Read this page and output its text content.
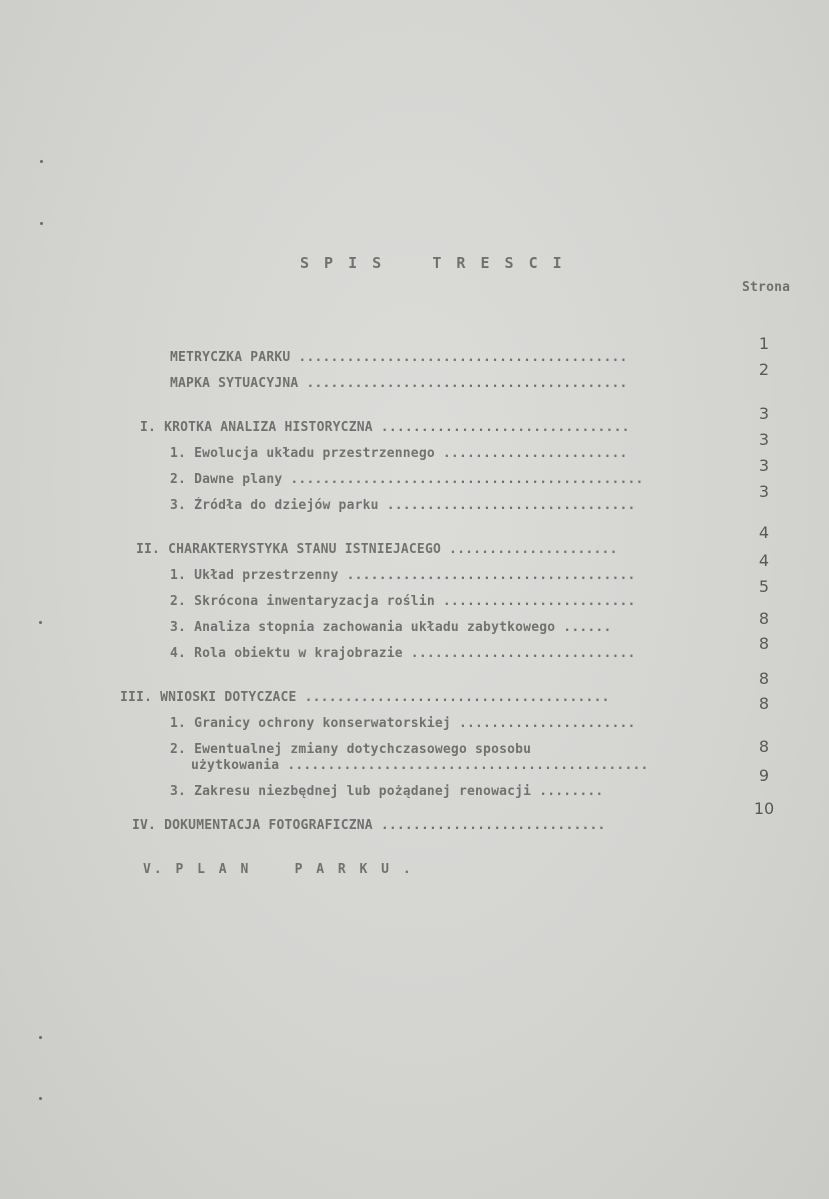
S P I S    T R E S C I
Strona
METRYCZKA PARKU .........................................
MAPKA SYTUACYJNA ........................................
I. KROTKA ANALIZA HISTORYCZNA ...............................
1. Ewolucja układu przestrzennego .......................
2. Dawne plany ............................................
3. Źródła do dziejów parku ...............................
II. CHARAKTERYSTYKA STANU ISTNIEJACEGO .....................
1. Układ przestrzenny ....................................
2. Skrócona inwentaryzacja roślin ........................
3. Analiza stopnia zachowania układu zabytkowego ......
4. Rola obiektu w krajobrazie ............................
III. WNIOSKI DOTYCZACE ......................................
1. Granicy ochrony konserwatorskiej ......................
2. Ewentualnej zmiany dotychczasowego sposobu
użytkowania .............................................
3. Zakresu niezbędnej lub pożądanej renowacji ........
IV. DOKUMENTACJA FOTOGRAFICZNA ............................
V. P L A N    P A R K U .
1
2
3
3
3
3
4
4
5
8
8
8
8
8
9
10
